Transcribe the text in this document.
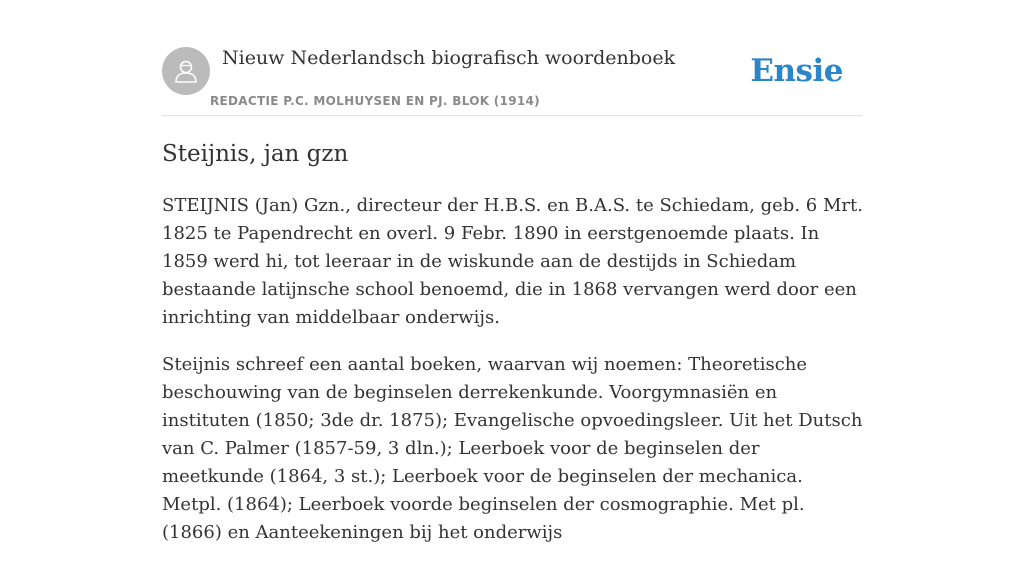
Nieuw Nederlandsch biografisch woordenboek
REDACTIE P.C. MOLHUYSEN EN PJ. BLOK (1914)
Ensie
Steijnis, jan gzn

STEIJNIS (Jan) Gzn., directeur der H.B.S. en B.A.S. te Schiedam, geb. 6 Mrt. 1825 te Papendrecht en overl. 9 Febr. 1890 in eerstgenoemde plaats. In 1859 werd hi, tot leeraar in de wiskunde aan de destijds in Schiedam bestaande latijnsche school benoemd, die in 1868 vervangen werd door een inrichting van middelbaar onderwijs.

Steijnis schreef een aantal boeken, waarvan wij noemen: Theoretische beschouwing van de beginselen derrekenkunde. Voorgymnasiën en instituten (1850; 3de dr. 1875); Evangelische opvoedingsleer. Uit het Dutsch van C. Palmer (1857-59, 3 dln.); Leerboek voor de beginselen der meetkunde (1864, 3 st.); Leerboek voor de beginselen der mechanica. Metpl. (1864); Leerboek voorde beginselen der cosmographie. Met pl. (1866) en Aanteekeningen bij het onderwijs
